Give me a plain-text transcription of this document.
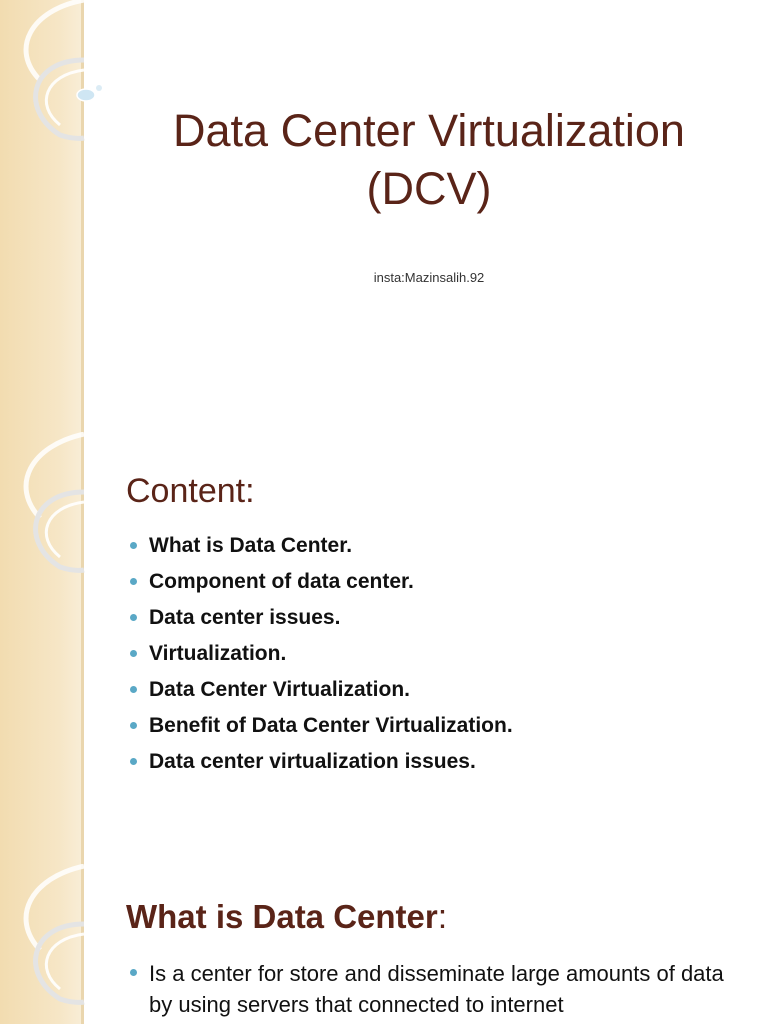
Data Center Virtualization
(DCV)
insta:Mazinsalih.92
Content:
What is Data Center.
Component of data center.
Data center issues.
Virtualization.
Data Center Virtualization.
Benefit of Data Center Virtualization.
Data center virtualization issues.
What is Data Center:
Is a center for store and disseminate large amounts of data by using servers that connected to internet
